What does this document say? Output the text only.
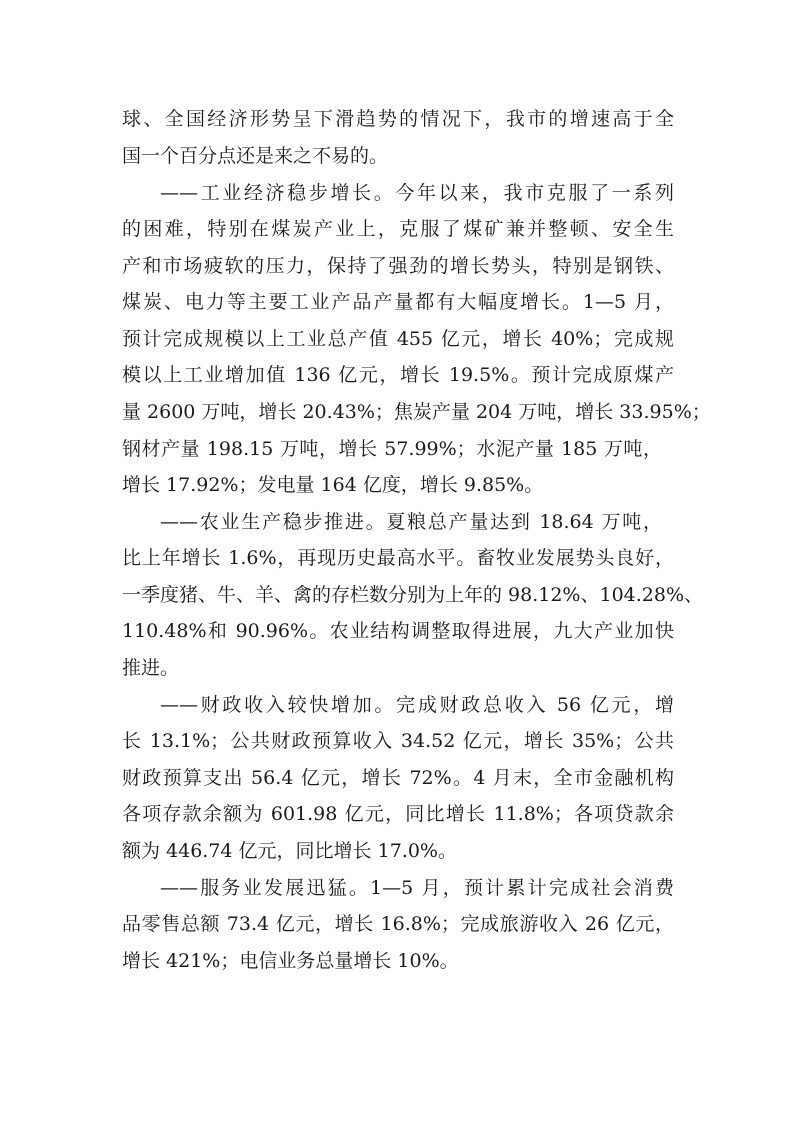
球、全国经济形势呈下滑趋势的情况下，我市的增速高于全
国一个百分点还是来之不易的。
——工业经济稳步增长。今年以来，我市克服了一系列
的困难，特别在煤炭产业上，克服了煤矿兼并整顿、安全生
产和市场疲软的压力，保持了强劲的增长势头，特别是钢铁、
煤炭、电力等主要工业产品产量都有大幅度增长。1—5 月，
预计完成规模以上工业总产值 455 亿元，增长 40%；完成规
模以上工业增加值 136 亿元，增长 19.5%。预计完成原煤产
量 2600 万吨，增长 20.43%；焦炭产量 204 万吨，增长 33.95%；
钢材产量 198.15 万吨，增长 57.99%；水泥产量 185 万吨，
增长 17.92%；发电量 164 亿度，增长 9.85%。
——农业生产稳步推进。夏粮总产量达到 18.64 万吨，
比上年增长 1.6%，再现历史最高水平。畜牧业发展势头良好，
一季度猪、牛、羊、禽的存栏数分别为上年的 98.12%、104.28%、
110.48%和 90.96%。农业结构调整取得进展，九大产业加快
推进。
——财政收入较快增加。完成财政总收入 56 亿元，增
长 13.1%；公共财政预算收入 34.52 亿元，增长 35%；公共
财政预算支出 56.4 亿元，增长 72%。4 月末，全市金融机构
各项存款余额为 601.98 亿元，同比增长 11.8%；各项贷款余
额为 446.74 亿元，同比增长 17.0%。
——服务业发展迅猛。1—5 月，预计累计完成社会消费
品零售总额 73.4 亿元，增长 16.8%；完成旅游收入 26 亿元，
增长 421%；电信业务总量增长 10%。
